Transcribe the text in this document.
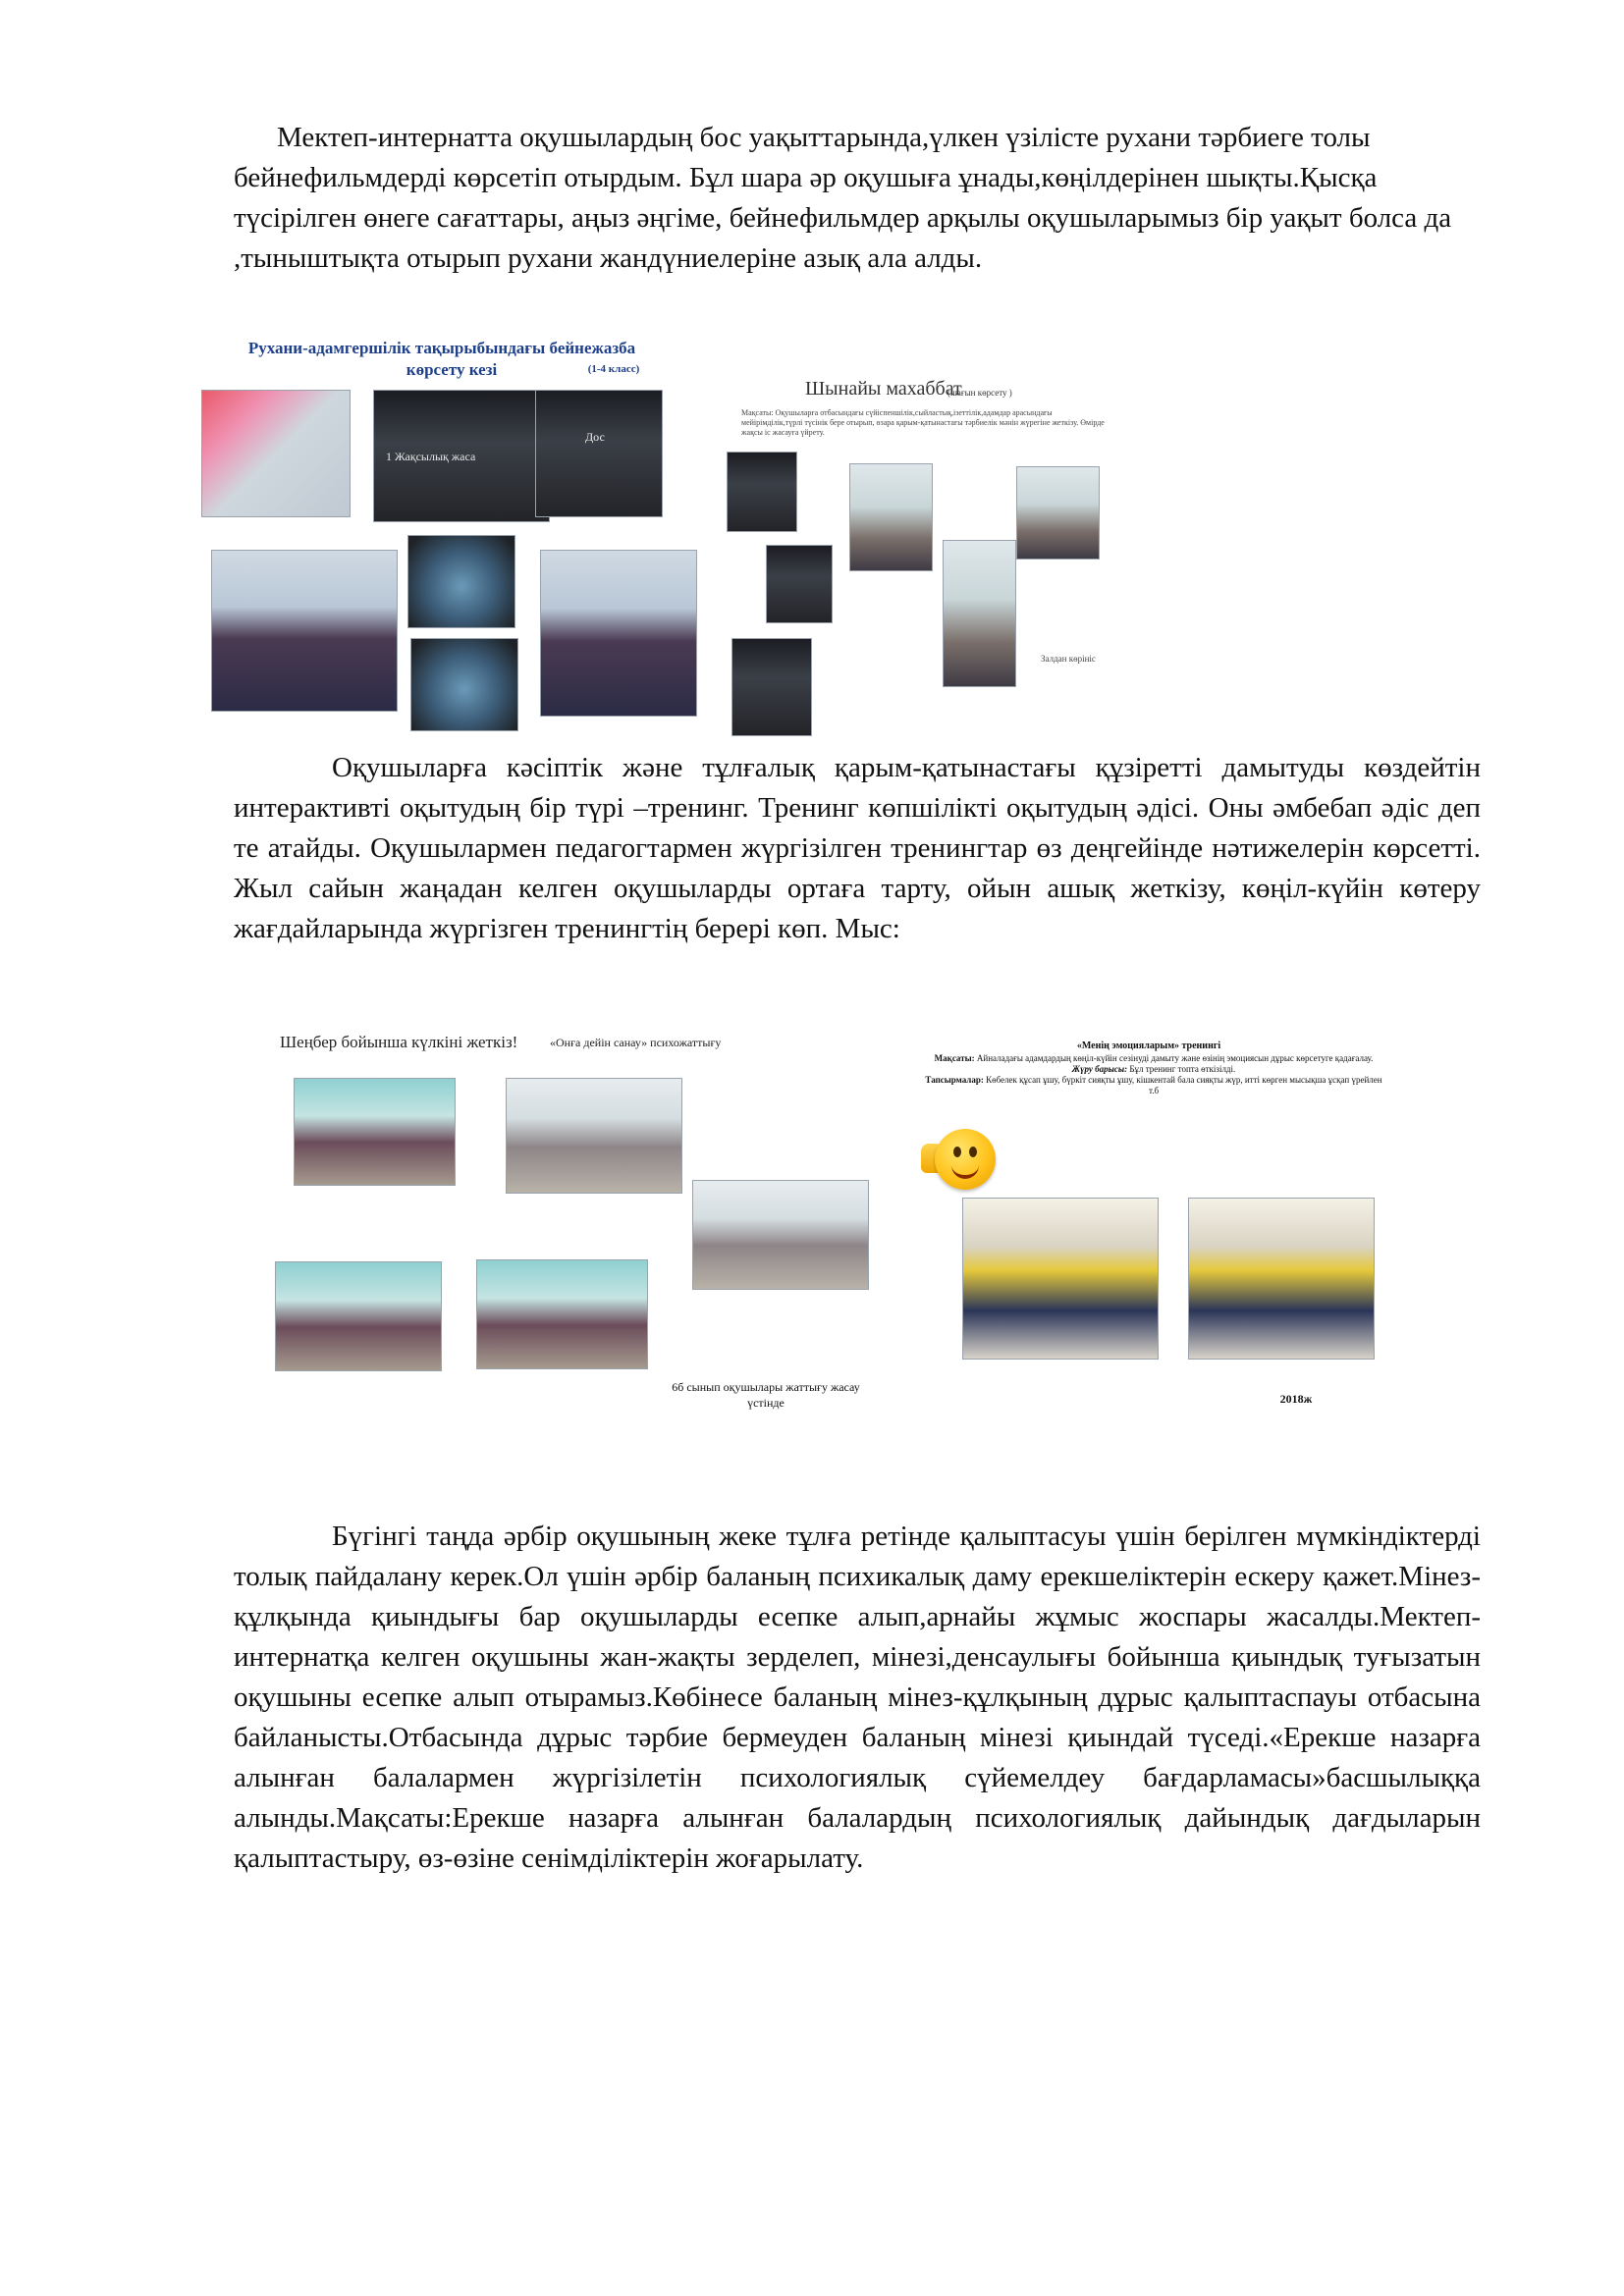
Мектеп-интернатта оқушылардың бос уақыттарында,үлкен үзілісте рухани тәрбиеге толы бейнефильмдерді көрсетіп отырдым. Бұл шара әр оқушыға ұнады,көңілдерінен шықты.Қысқа түсірілген өнеге сағаттары, аңыз әңгіме, бейнефильмдер арқылы оқушыларымыз бір уақыт болса да ,тыныштықта отырып рухани жандүниелеріне азық ала алды.
Рухани-адамгершілік тақырыбындағы бейнежазба
көрсету кезі	(1-4 класс)
1 Жақсылық жаса
Дос
Шынайы махаббат
(шағын көрсету )
Мақсаты: Оқушыларға отбасындағы сүйіспеншілік,сыйластық,ізеттілік,адамдар арасындағы мейірімділік,түрлі түсінік бере отырып, өзара қарым-қатынастағы тәрбиелік мәнін жүрегіне жеткізу. Өмірде жақсы іс жасауға үйрету.
Залдан көрініс
Оқушыларға кәсіптік және тұлғалық қарым-қатынастағы құзіретті дамытуды көздейтін интерактивті оқытудың бір түрі –тренинг. Тренинг көпшілікті оқытудың әдісі. Оны әмбебап әдіс деп те атайды. Оқушылармен педагогтармен жүргізілген тренингтар өз деңгейінде нәтижелерін көрсетті. Жыл сайын жаңадан келген оқушыларды ортаға тарту, ойын ашық жеткізу, көңіл-күйін көтеру жағдайларында жүргізген тренингтің берері көп. Мыс:
Шеңбер бойынша күлкіні жеткіз!	«Онға дейін санау» психожаттығу
6б сынып оқушылары жаттығу жасау үстінде
«Менің эмоцияларым» тренингі
Мақсаты: Айналадағы адамдардың көңіл-күйін сезінуді дамыту және өзінің эмоциясын дұрыс көрсетуге қадағалау.
Жүру барысы: Бұл тренинг топта өткізілді.
Тапсырмалар: Көбелек құсап ұшу, бүркіт сияқты ұшу, кішкентай бала сияқты жүр, иттi көрген мысықша ұсқап үрейлен т.б
2018ж
Бүгінгі таңда әрбір оқушының жеке тұлға ретінде қалыптасуы үшін берілген мүмкіндіктерді толық пайдалану керек.Ол үшін әрбір баланың психикалық даму ерекшеліктерін ескеру қажет.Мінез-құлқында қиындығы бар оқушыларды есепке алып,арнайы жұмыс жоспары жасалды.Мектеп-интернатқа келген оқушыны жан-жақты зерделеп, мінезі,денсаулығы бойынша қиындық туғызатын оқушыны есепке алып отырамыз.Көбінесе баланың мінез-құлқының дұрыс қалыптаспауы отбасына байланысты.Отбасында дұрыс тәрбие бермеуден баланың мінезі қиындай түседі.«Ерекше назарға алынған балалармен жүргізілетін психологиялық сүйемелдеу бағдарламасы»басшылыққа алынды.Мақсаты:Ерекше назарға алынған балалардың психологиялық дайындық дағдыларын қалыптастыру, өз-өзіне сенімділіктерін жоғарылату.
